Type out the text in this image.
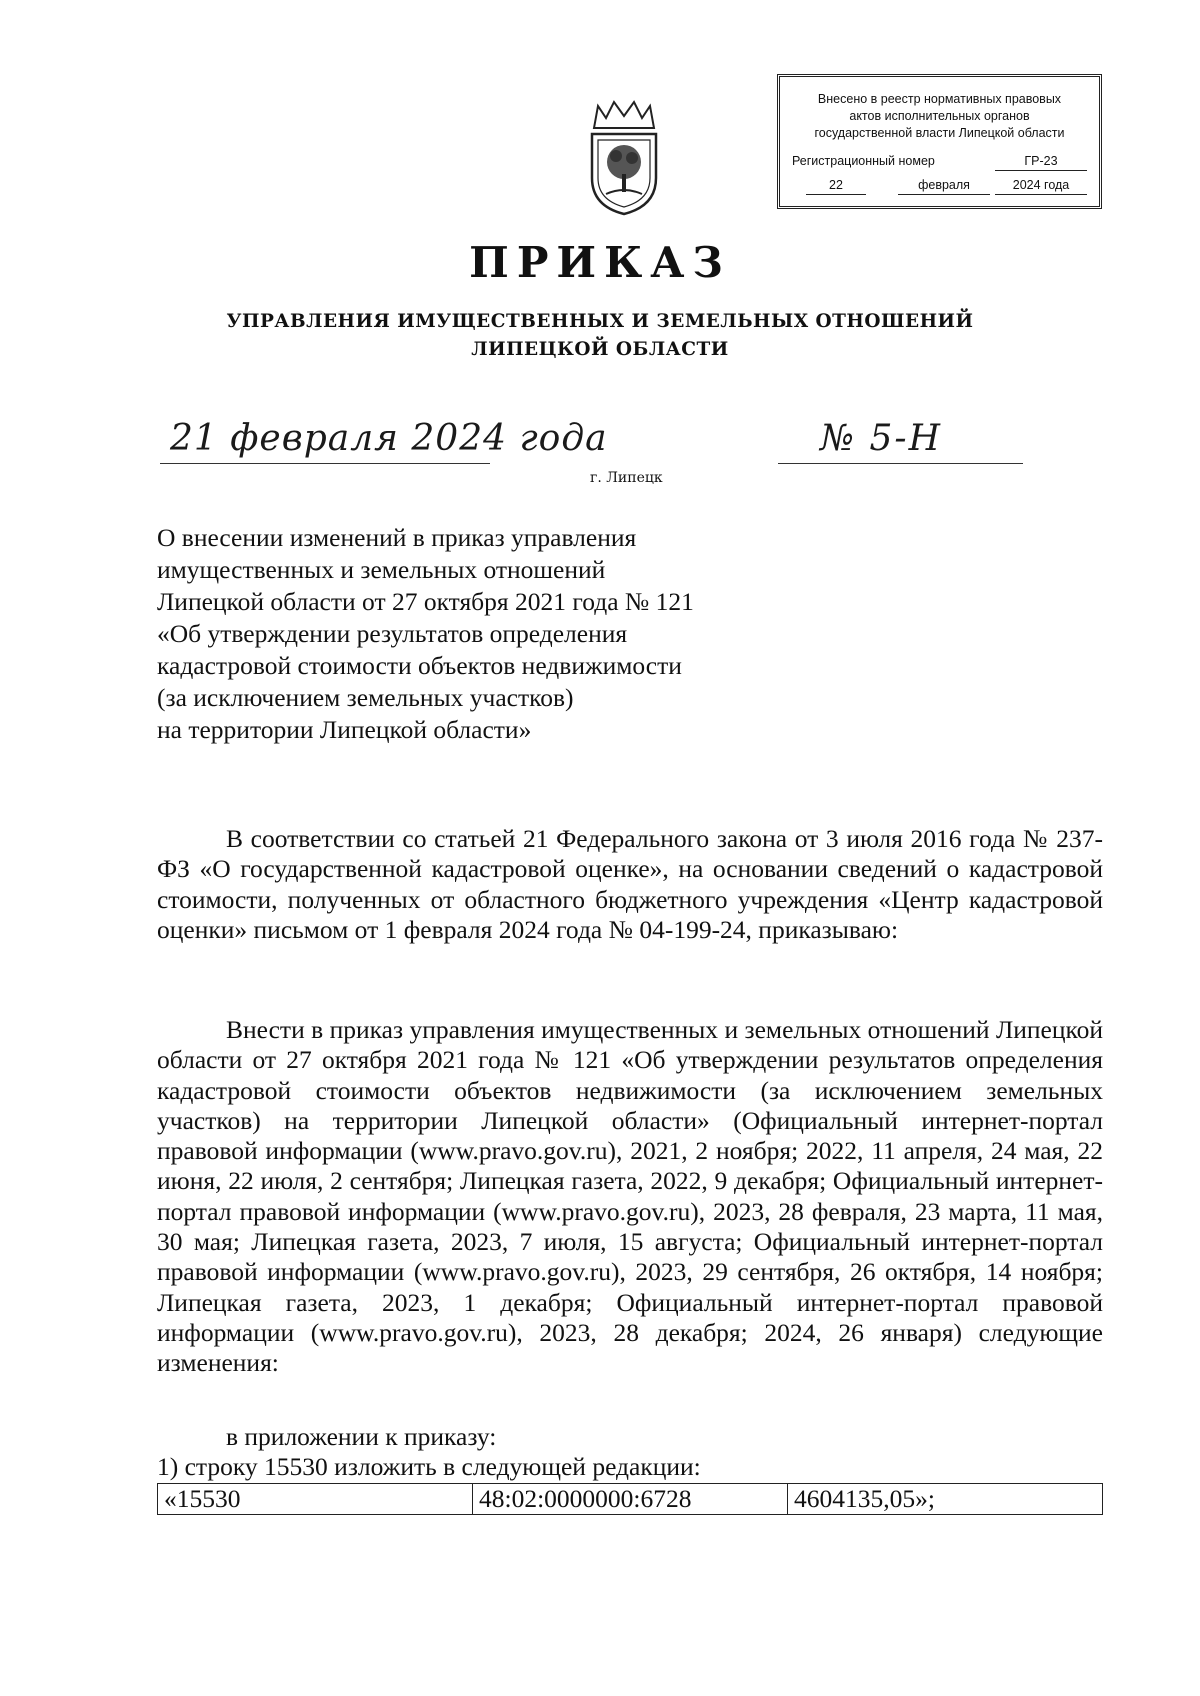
Внесено в реестр нормативных правовых
актов исполнительных органов
государственной власти Липецкой области
Регистрационный номер	ГР-23
22	февраля	2024 года
ПРИКАЗ
УПРАВЛЕНИЯ ИМУЩЕСТВЕННЫХ И ЗЕМЕЛЬНЫХ ОТНОШЕНИЙ
ЛИПЕЦКОЙ ОБЛАСТИ
21 февраля 2024 года	№ 5-Н
г. Липецк
О внесении изменений в приказ управления
имущественных и земельных отношений
Липецкой области от 27 октября 2021 года № 121
«Об утверждении результатов определения
кадастровой стоимости объектов недвижимости
(за исключением земельных участков)
на территории Липецкой области»

В соответствии со статьей 21 Федерального закона от 3 июля 2016 года № 237-ФЗ «О государственной кадастровой оценке», на основании сведений о кадастровой стоимости, полученных от областного бюджетного учреждения «Центр кадастровой оценки» письмом от 1 февраля 2024 года № 04-199-24, приказываю:

Внести в приказ управления имущественных и земельных отношений Липецкой области от 27 октября 2021 года № 121 «Об утверждении результатов определения кадастровой стоимости объектов недвижимости (за исключением земельных участков) на территории Липецкой области» (Официальный интернет-портал правовой информации (www.pravo.gov.ru), 2021, 2 ноября; 2022, 11 апреля, 24 мая, 22 июня, 22 июля, 2 сентября; Липецкая газета, 2022, 9 декабря; Официальный интернет-портал правовой информации (www.pravo.gov.ru), 2023, 28 февраля, 23 марта, 11 мая, 30 мая; Липецкая газета, 2023, 7 июля, 15 августа; Официальный интернет-портал правовой информации (www.pravo.gov.ru), 2023, 29 сентября, 26 октября, 14 ноября; Липецкая газета, 2023, 1 декабря; Официальный интернет-портал правовой информации (www.pravo.gov.ru), 2023, 28 декабря; 2024, 26 января) следующие изменения:

в приложении к приказу:
1) строку 15530 изложить в следующей редакции:
«15530	48:02:0000000:6728	4604135,05»;
